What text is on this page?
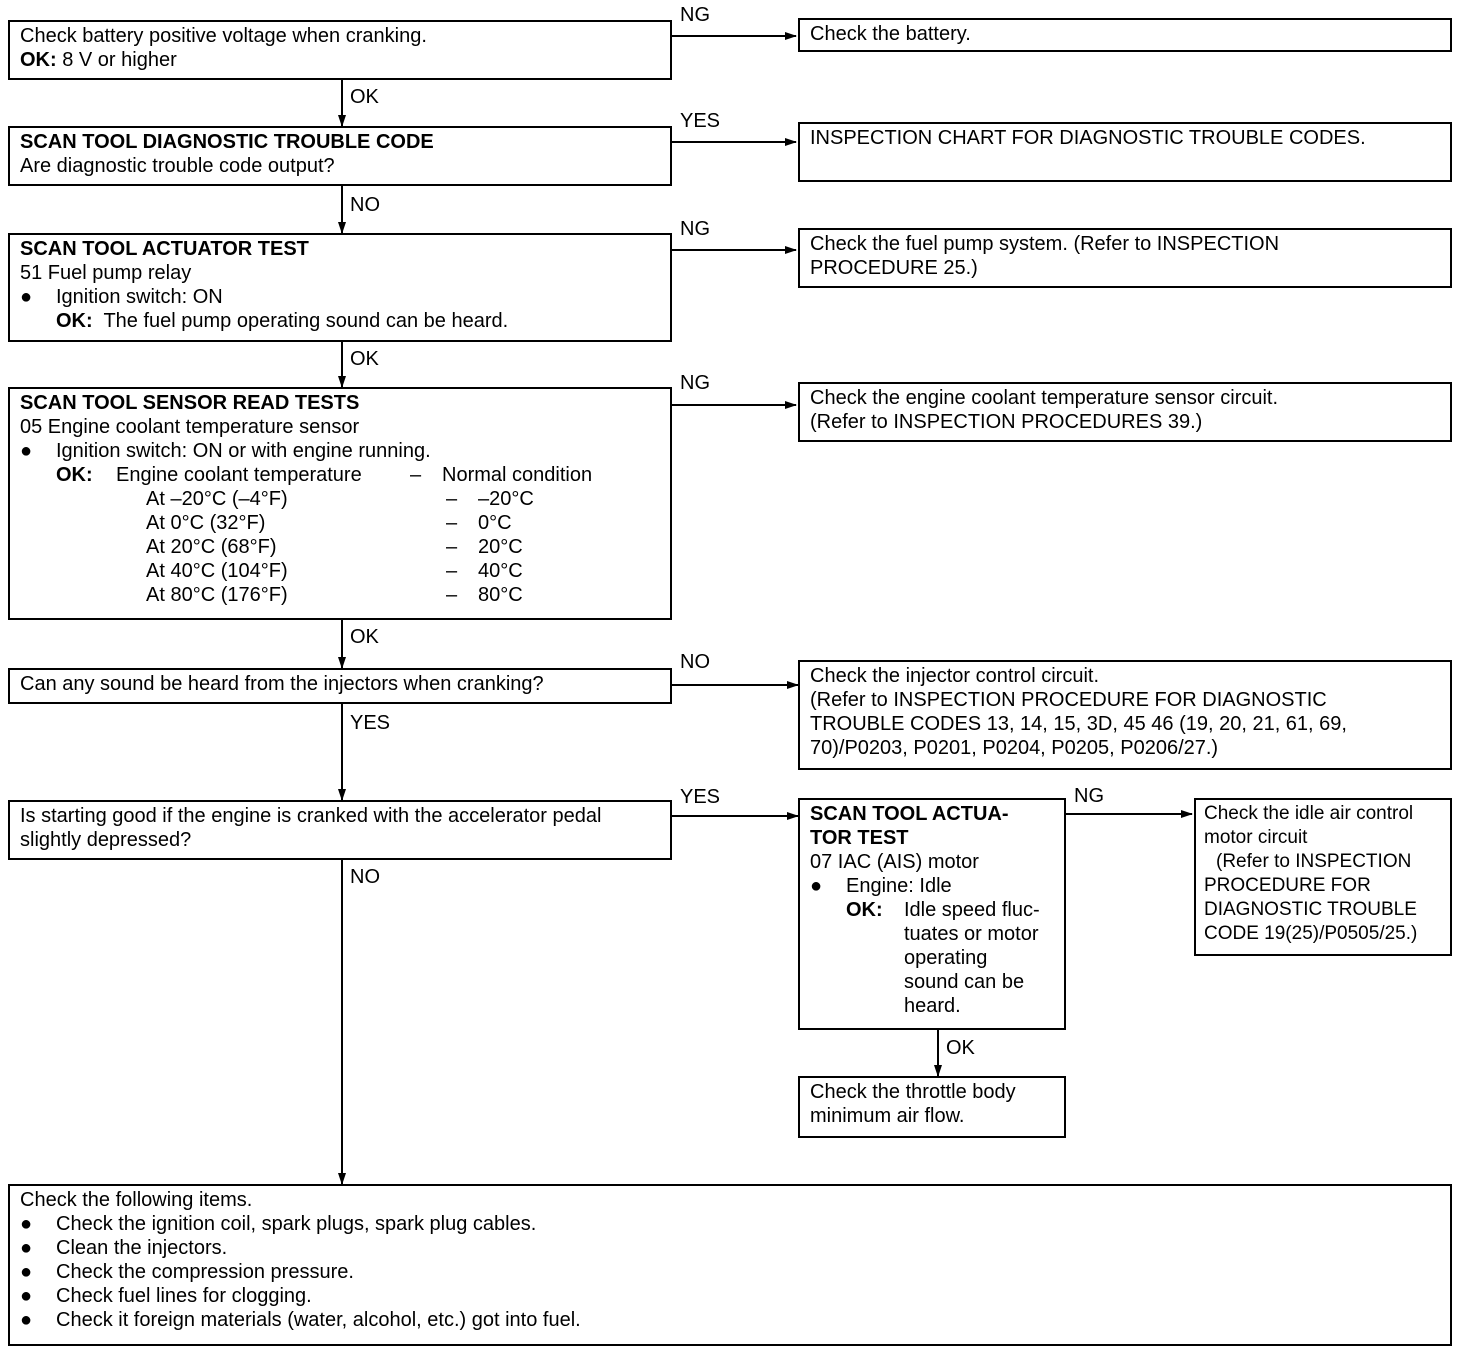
NG
OK
YES
NO
NG
OK
NG
OK
NO
YES
YES
NO
NG
OK
Check battery positive voltage when cranking.
OK: 8 V or higher
Check the battery.
SCAN TOOL DIAGNOSTIC TROUBLE CODE
Are diagnostic trouble code output?
INSPECTION CHART FOR DIAGNOSTIC TROUBLE CODES.
SCAN TOOL ACTUATOR TEST
51 Fuel pump relay
● Ignition switch: ON
OK: The fuel pump operating sound can be heard.
Check the fuel pump system. (Refer to INSPECTION
PROCEDURE 25.)
SCAN TOOL SENSOR READ TESTS
05 Engine coolant temperature sensor
● Ignition switch: ON or with engine running.
OK:	Engine coolant temperature	–	Normal condition
At –20°C (–4°F)	–	–20°C
At 0°C (32°F)	–	0°C
At 20°C (68°F)	–	20°C
At 40°C (104°F)	–	40°C
At 80°C (176°F)	–	80°C
Check the engine coolant temperature sensor circuit.
(Refer to INSPECTION PROCEDURES 39.)
Can any sound be heard from the injectors when cranking?	Check the injector control circuit.
(Refer to INSPECTION PROCEDURE FOR DIAGNOSTIC
TROUBLE CODES 13, 14, 15, 3D, 45 46 (19, 20, 21, 61, 69,
70)/P0203, P0201, P0204, P0205, P0206/27.)
Is starting good if the engine is cranked with the accelerator pedal
slightly depressed?
SCAN TOOL ACTUA-
TOR TEST
07 IAC (AIS) motor
● Engine: Idle
OK: Idle speed fluc-
tuates or motor
operating
sound can be
heard.
Check the idle air control
motor circuit
(Refer to INSPECTION
PROCEDURE FOR
DIAGNOSTIC TROUBLE
CODE 19(25)/P0505/25.)
Check the throttle body
minimum air flow.
Check the following items.
● Check the ignition coil, spark plugs, spark plug cables.
● Clean the injectors.
● Check the compression pressure.
● Check fuel lines for clogging.
● Check it foreign materials (water, alcohol, etc.) got into fuel.
